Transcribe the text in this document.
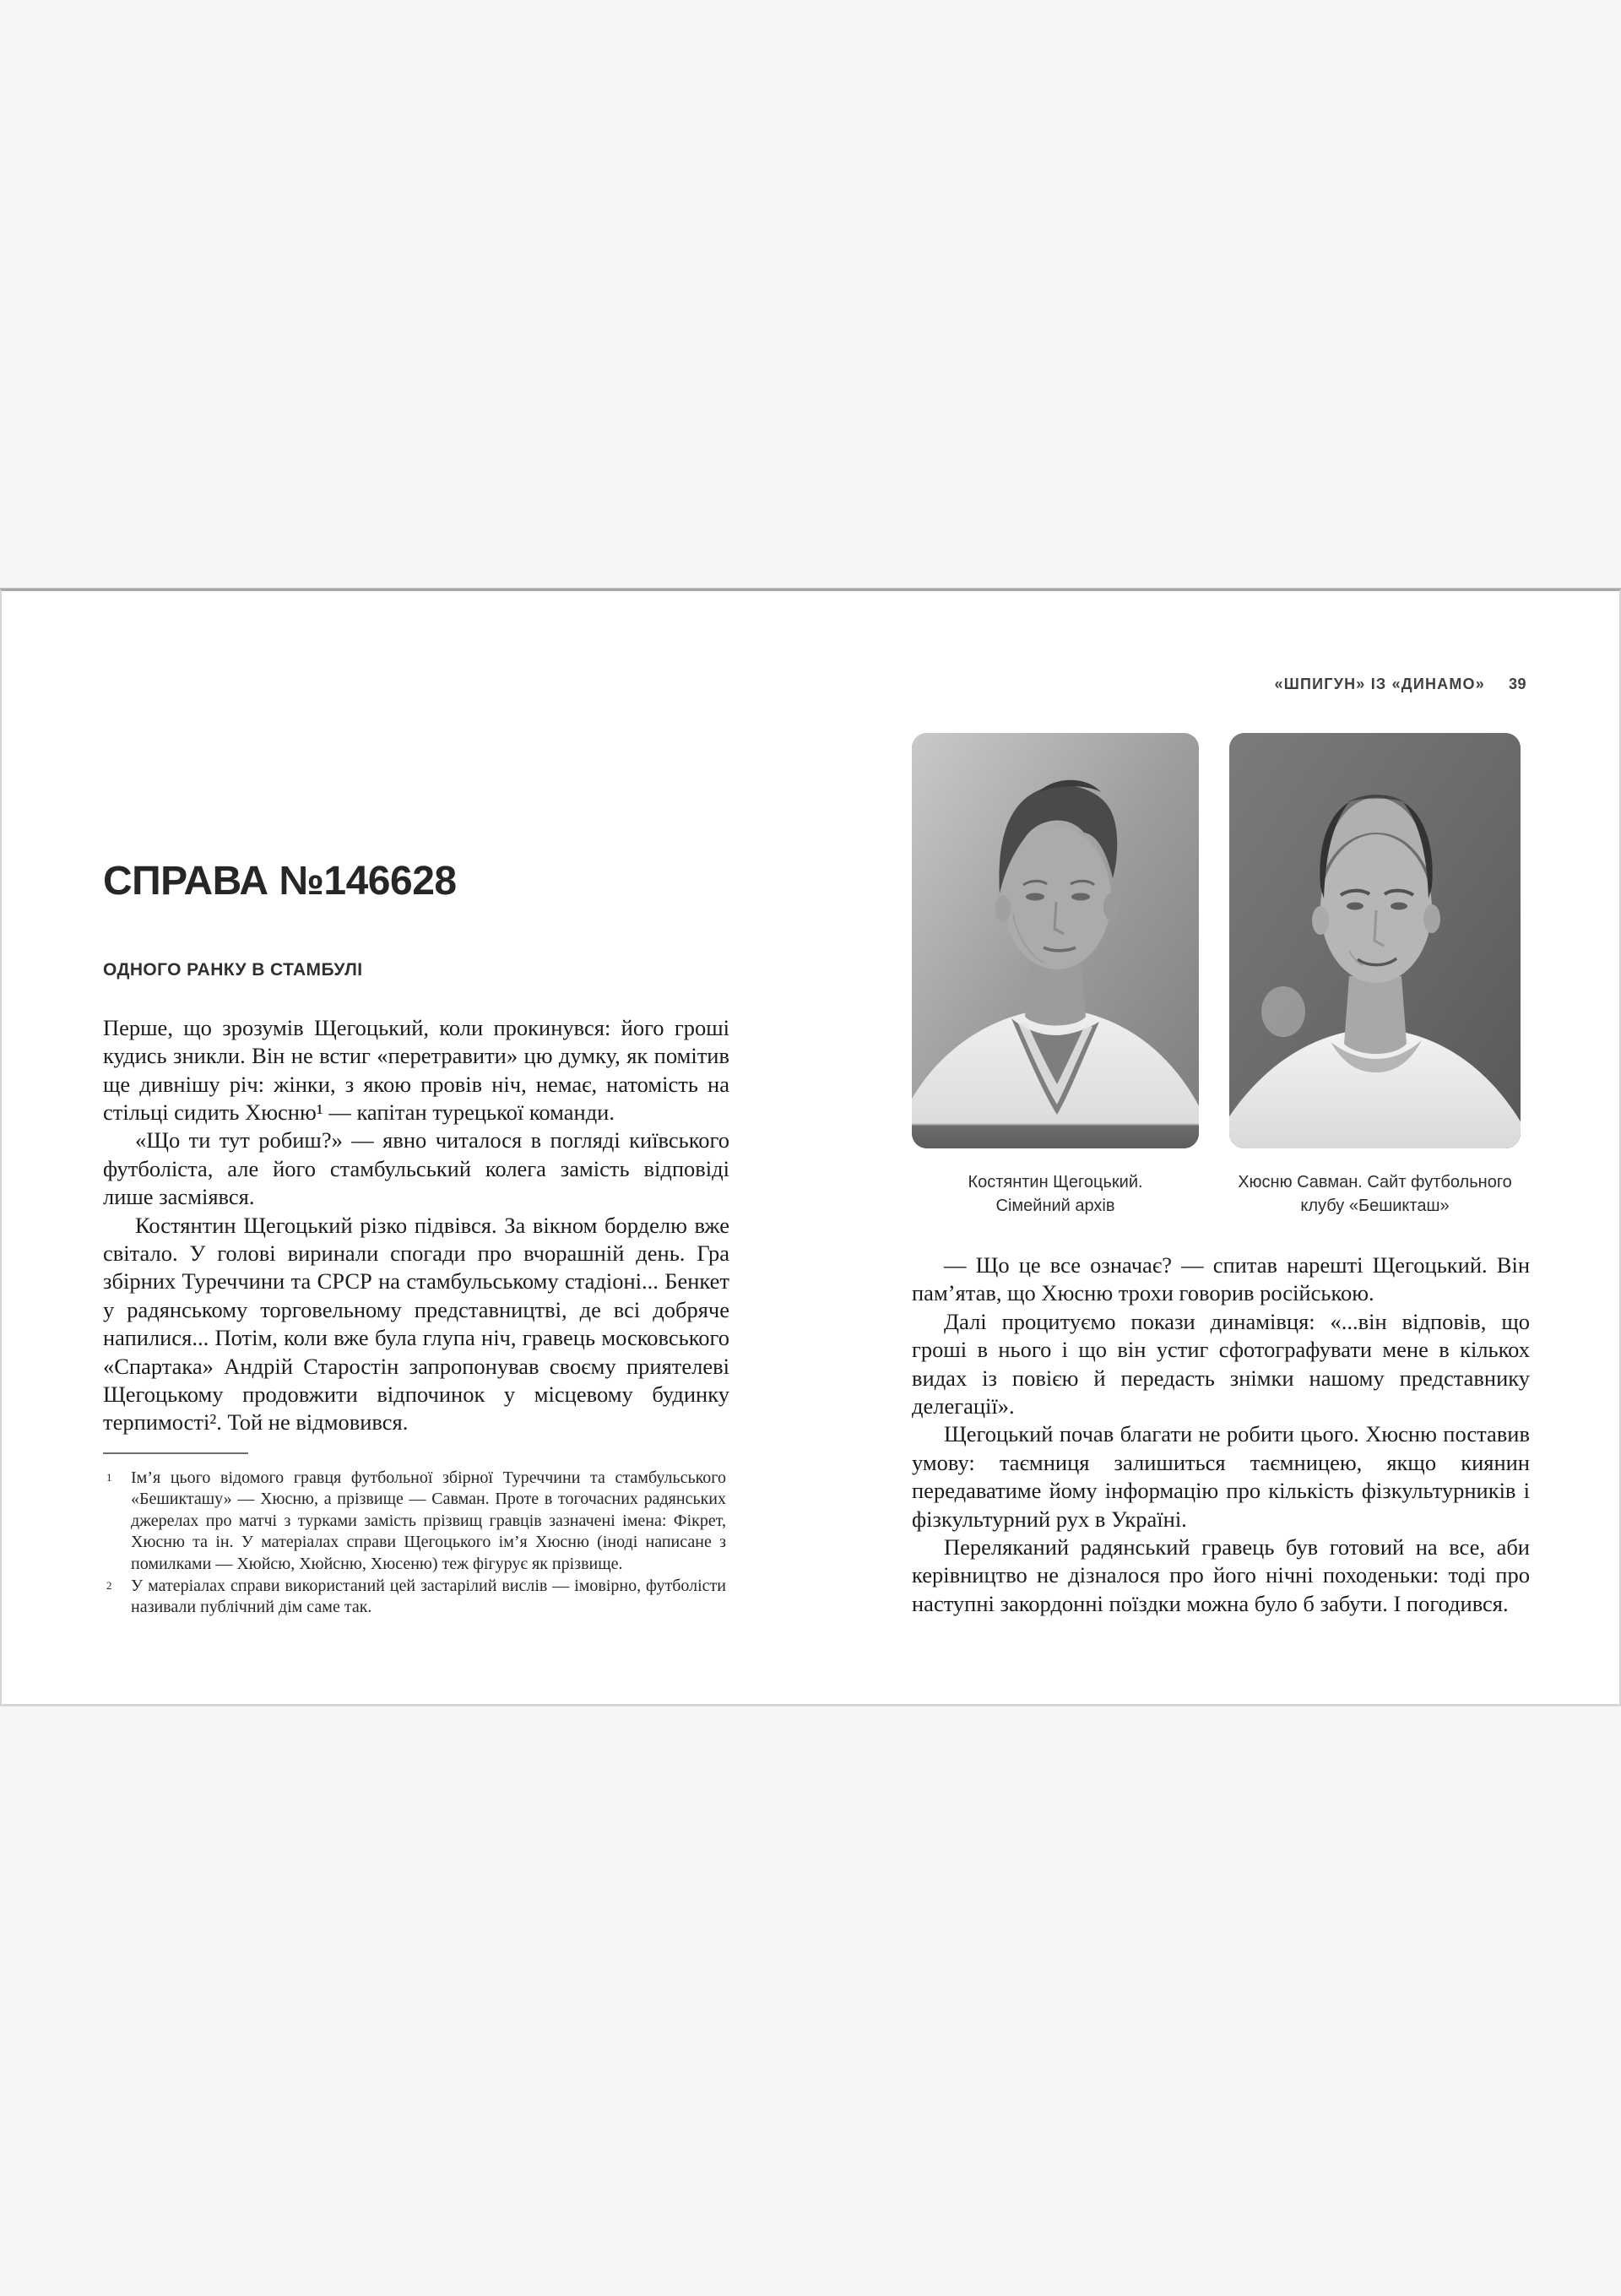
«ШПИГУН» ІЗ «ДИНАМО» 39
СПРАВА №146628
ОДНОГО РАНКУ В СТАМБУЛІ

Перше, що зрозумів Щегоцький, коли прокинувся: його гроші кудись зникли. Він не встиг «перетравити» цю думку, як помітив ще дивнішу річ: жінки, з якою провів ніч, немає, натомість на стільці сидить Хюсню¹ — капітан турецької команди.

«Що ти тут робиш?» — явно читалося в погляді київського футболіста, але його стамбульський колега замість відповіді лише засміявся.

Костянтин Щегоцький різко підвівся. За вікном борделю вже світало. У голові виринали спогади про вчорашній день. Гра збірних Туреччини та СРСР на стамбульському стадіоні... Бенкет у радянському торговельному представництві, де всі добряче напилися... Потім, коли вже була глупа ніч, гравець московського «Спартака» Андрій Старостін запропонував своєму приятелеві Щегоцькому продовжити відпочинок у місцевому будинку терпимості². Той не відмовився.

1 Ім’я цього відомого гравця футбольної збірної Туреччини та стамбульського «Бешикташу» — Хюсню, а прізвище — Савман. Проте в тогочасних радянських джерелах про матчі з турками замість прізвищ гравців зазначені імена: Фікрет, Хюсню та ін. У матеріалах справи Щегоцького ім’я Хюсню (іноді написане з помилками — Хюйсю, Хюйсню, Хюсеню) теж фігурує як прізвище.
2 У матеріалах справи використаний цей застарілий вислів — імовірно, футболісти називали публічний дім саме так.
Костянтин Щегоцький.
Сімейний архів
Хюсню Савман. Сайт футбольного
клубу «Бешикташ»

— Що це все означає? — спитав нарешті Щегоцький. Він пам’ятав, що Хюсню трохи говорив російською.

Далі процитуємо покази динамівця: «...він відповів, що гроші в нього і що він устиг сфотографувати мене в кількох видах із повією й передасть знімки нашому представнику делегації».

Щегоцький почав благати не робити цього. Хюсню поставив умову: таємниця залишиться таємницею, якщо киянин передаватиме йому інформацію про кількість фізкультурників і фізкультурний рух в Україні.

Переляканий радянський гравець був готовий на все, аби керівництво не дізналося про його нічні походеньки: тоді про наступні закордонні поїздки можна було б забути. І погодився.
